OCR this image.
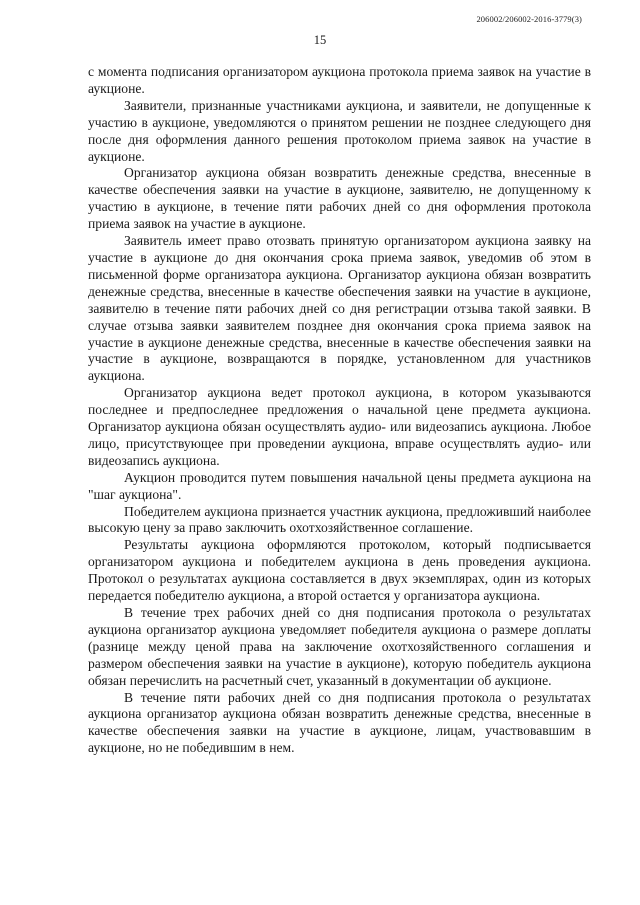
206002/206002-2016-3779(3)
15

с момента подписания организатором аукциона протокола приема заявок на участие в аукционе.

Заявители, признанные участниками аукциона, и заявители, не допущенные к участию в аукционе, уведомляются о принятом решении не позднее следующего дня после дня оформления данного решения протоколом приема заявок на участие в аукционе.

Организатор аукциона обязан возвратить денежные средства, внесенные в качестве обеспечения заявки на участие в аукционе, заявителю, не допущенному к участию в аукционе, в течение пяти рабочих дней со дня оформления протокола приема заявок на участие в аукционе.

Заявитель имеет право отозвать принятую организатором аукциона заявку на участие в аукционе до дня окончания срока приема заявок, уведомив об этом в письменной форме организатора аукциона. Организатор аукциона обязан возвратить денежные средства, внесенные в качестве обеспечения заявки на участие в аукционе, заявителю в течение пяти рабочих дней со дня регистрации отзыва такой заявки. В случае отзыва заявки заявителем позднее дня окончания срока приема заявок на участие в аукционе денежные средства, внесенные в качестве обеспечения заявки на участие в аукционе, возвращаются в порядке, установленном для участников аукциона.

Организатор аукциона ведет протокол аукциона, в котором указываются последнее и предпоследнее предложения о начальной цене предмета аукциона. Организатор аукциона обязан осуществлять аудио- или видеозапись аукциона. Любое лицо, присутствующее при проведении аукциона, вправе осуществлять аудио- или видеозапись аукциона.

Аукцион проводится путем повышения начальной цены предмета аукциона на "шаг аукциона".

Победителем аукциона признается участник аукциона, предложивший наиболее высокую цену за право заключить охотхозяйственное соглашение.

Результаты аукциона оформляются протоколом, который подписывается организатором аукциона и победителем аукциона в день проведения аукциона. Протокол о результатах аукциона составляется в двух экземплярах, один из которых передается победителю аукциона, а второй остается у организатора аукциона.

В течение трех рабочих дней со дня подписания протокола о результатах аукциона организатор аукциона уведомляет победителя аукциона о размере доплаты (разнице между ценой права на заключение охотхозяйственного соглашения и размером обеспечения заявки на участие в аукционе), которую победитель аукциона обязан перечислить на расчетный счет, указанный в документации об аукционе.

В течение пяти рабочих дней со дня подписания протокола о результатах аукциона организатор аукциона обязан возвратить денежные средства, внесенные в качестве обеспечения заявки на участие в аукционе, лицам, участвовавшим в аукционе, но не победившим в нем.
